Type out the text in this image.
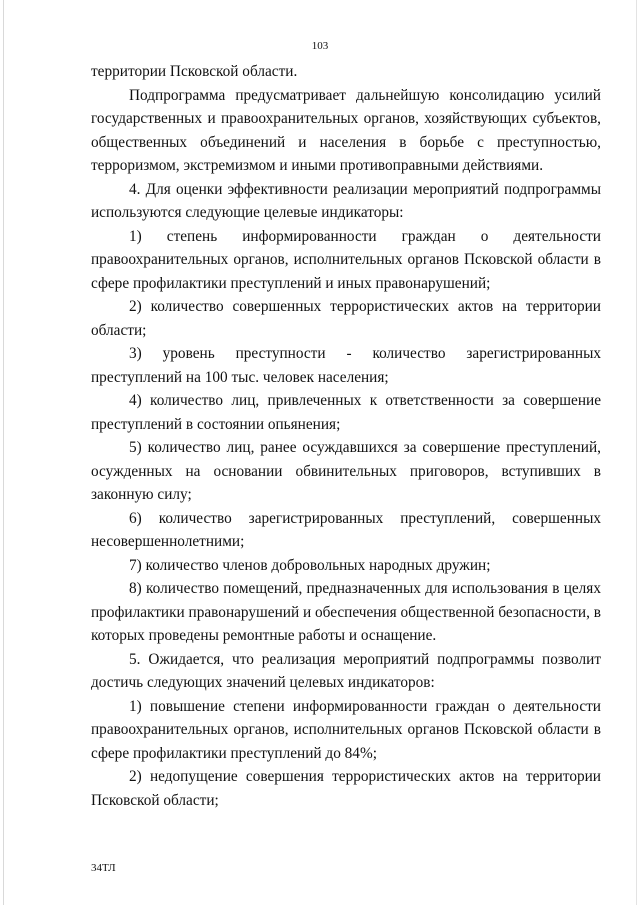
103

территории Псковской области.

Подпрограмма предусматривает дальнейшую консолидацию усилий государственных и правоохранительных органов, хозяйствующих субъектов, общественных объединений и населения в борьбе с преступностью, терроризмом, экстремизмом и иными противоправными действиями.

4. Для оценки эффективности реализации мероприятий подпрограммы используются следующие целевые индикаторы:

1) степень информированности граждан о деятельности правоохранительных органов, исполнительных органов Псковской области в сфере профилактики преступлений и иных правонарушений;

2) количество совершенных террористических актов на территории области;

3) уровень преступности - количество зарегистрированных преступлений на 100 тыс. человек населения;

4) количество лиц, привлеченных к ответственности за совершение преступлений в состоянии опьянения;

5) количество лиц, ранее осуждавшихся за совершение преступлений, осужденных на основании обвинительных приговоров, вступивших в законную силу;

6) количество зарегистрированных преступлений, совершенных несовершеннолетними;

7) количество членов добровольных народных дружин;

8) количество помещений, предназначенных для использования в целях профилактики правонарушений и обеспечения общественной безопасности, в которых проведены ремонтные работы и оснащение.

5. Ожидается, что реализация мероприятий подпрограммы позволит достичь следующих значений целевых индикаторов:

1) повышение степени информированности граждан о деятельности правоохранительных органов, исполнительных органов Псковской области в сфере профилактики преступлений до 84%;

2) недопущение совершения террористических актов на территории Псковской области;

34ТЛ
